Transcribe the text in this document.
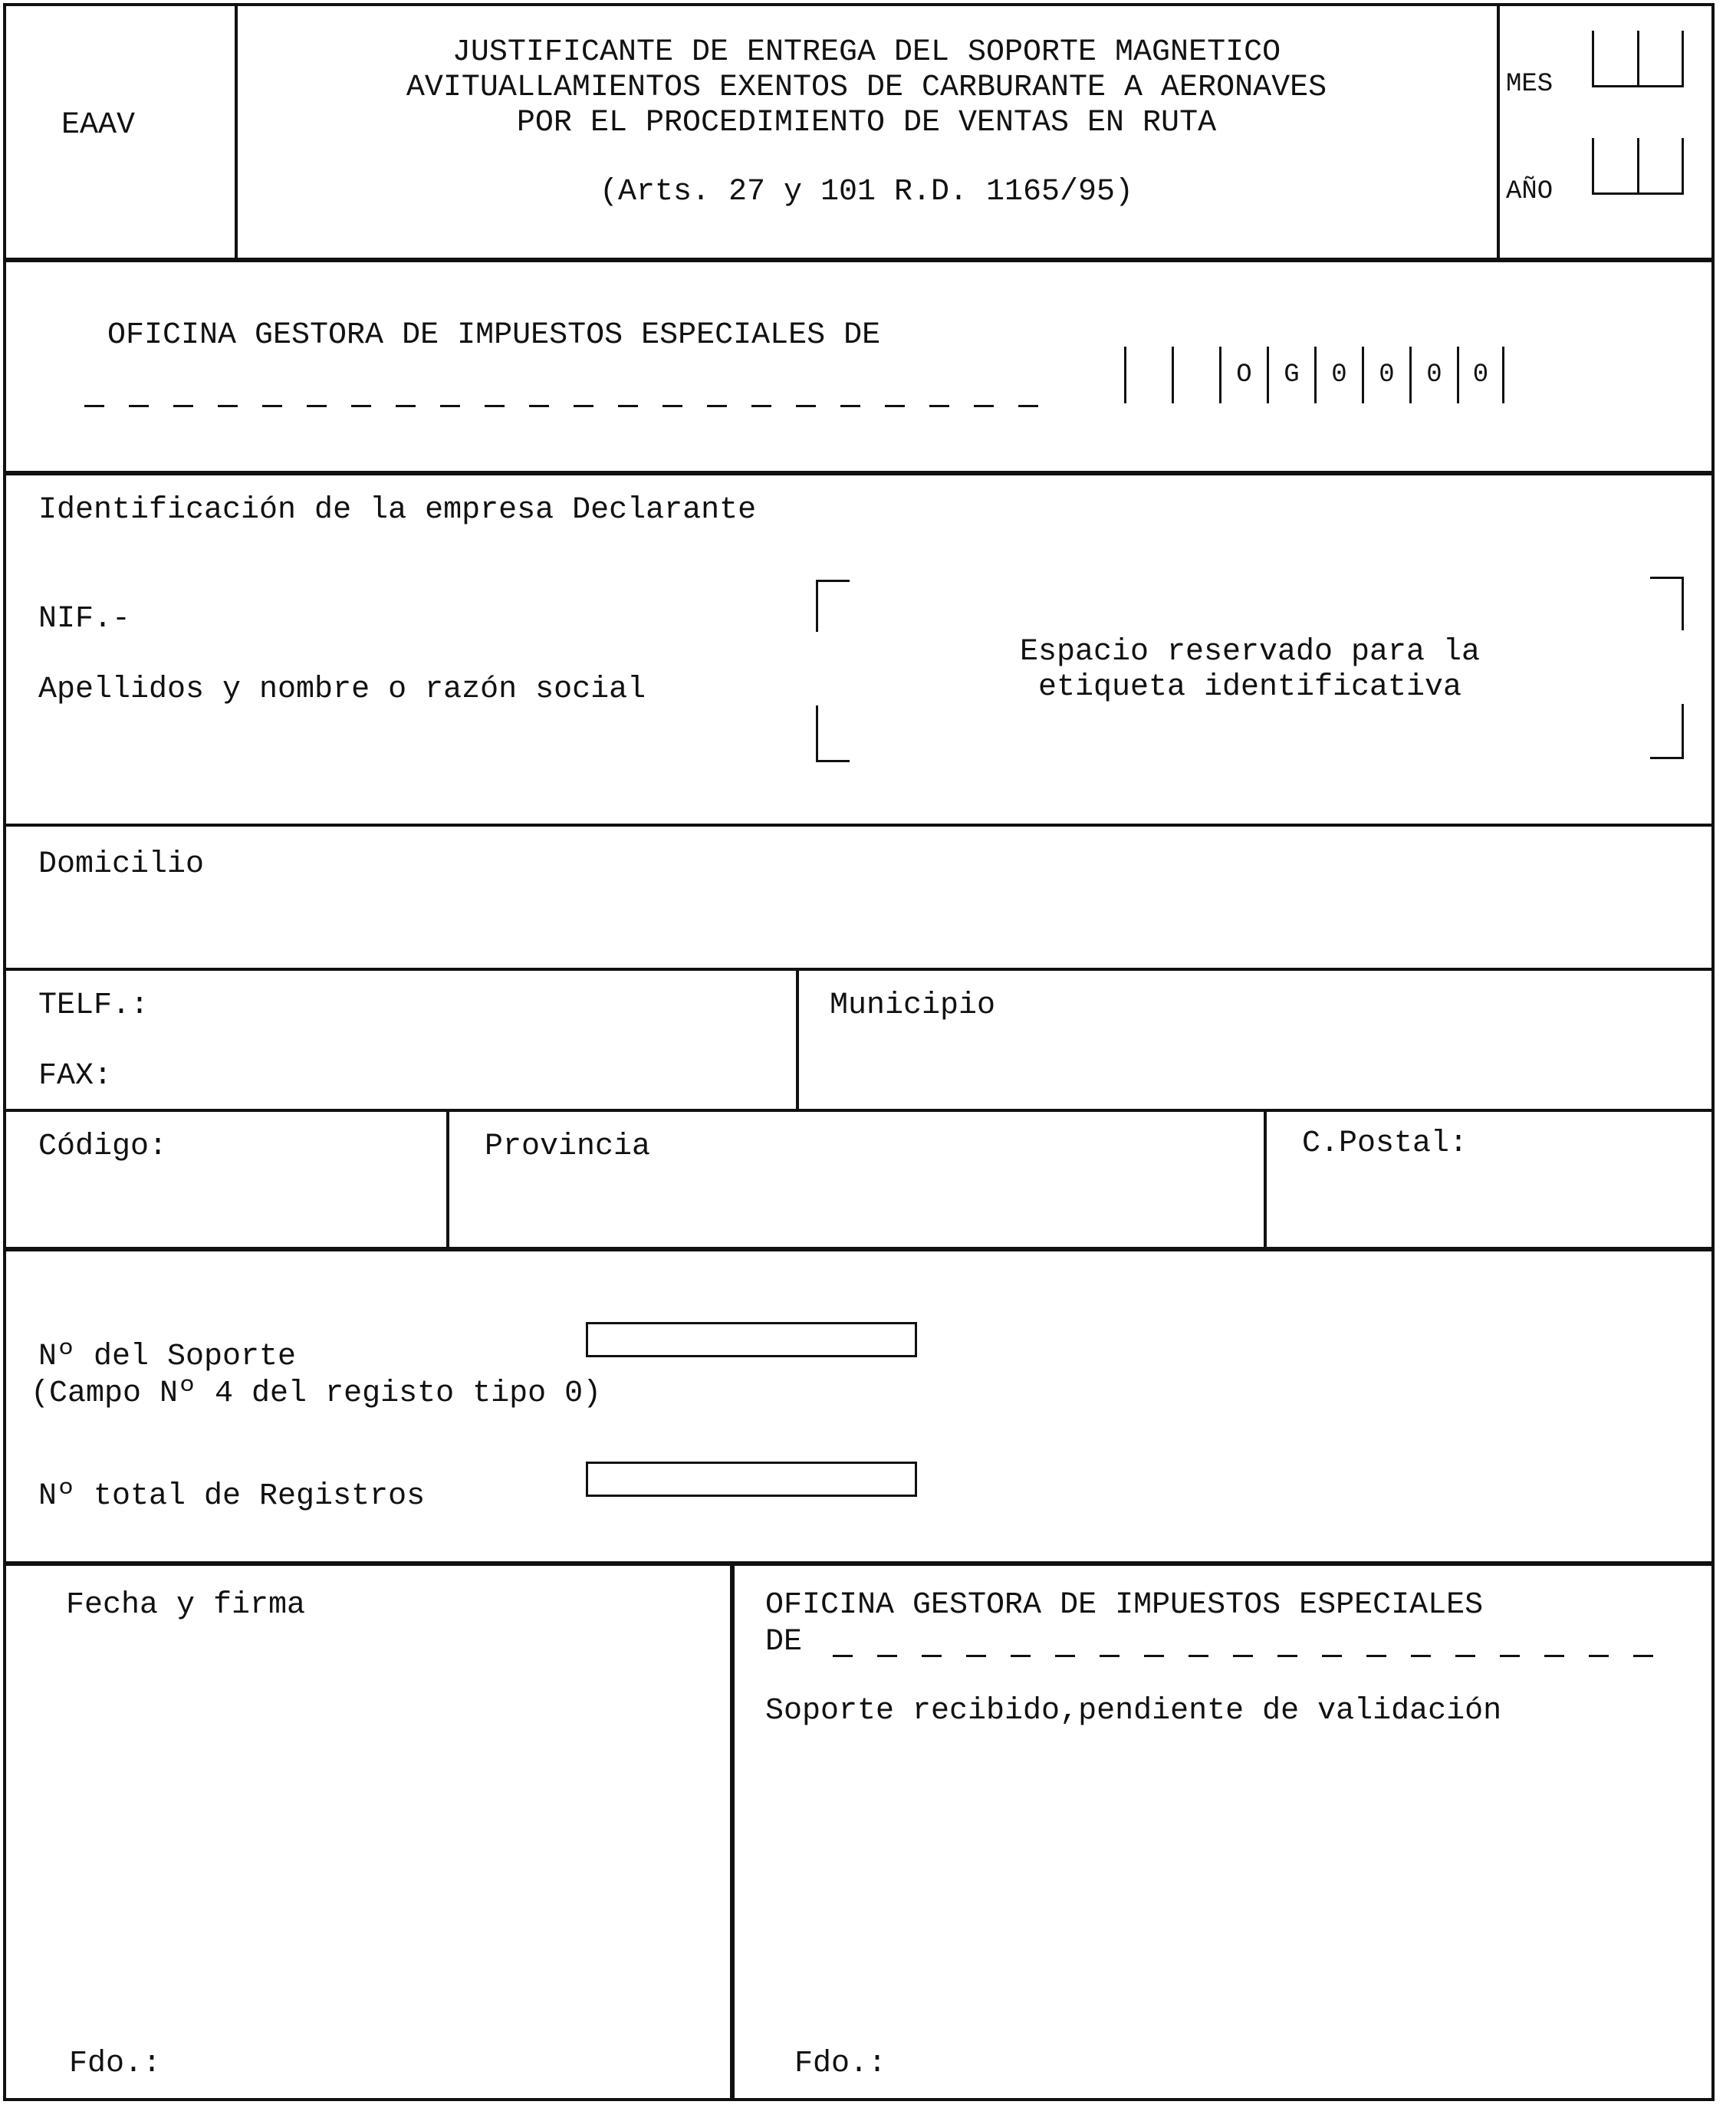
EAAV
JUSTIFICANTE DE ENTREGA DEL SOPORTE MAGNETICO
AVITUALLAMIENTOS EXENTOS DE CARBURANTE A AERONAVES
POR EL PROCEDIMIENTO DE VENTAS EN RUTA
(Arts. 27 y 101 R.D. 1165/95)
MES
AÑO
OFICINA GESTORA DE IMPUESTOS ESPECIALES DE
O	G	0	0	0	0
Identificación de la empresa Declarante
NIF.-
Apellidos y nombre o razón social
Espacio reservado para la
etiqueta identificativa
Domicilio
TELF.:
FAX:
Municipio
Código:	Provincia	C.Postal:
Nº del Soporte
(Campo Nº 4 del registo tipo 0)
Nº total de Registros
Fecha y firma
Fdo.:
OFICINA GESTORA DE IMPUESTOS ESPECIALES
DE
Soporte recibido,pendiente de validación
Fdo.:
